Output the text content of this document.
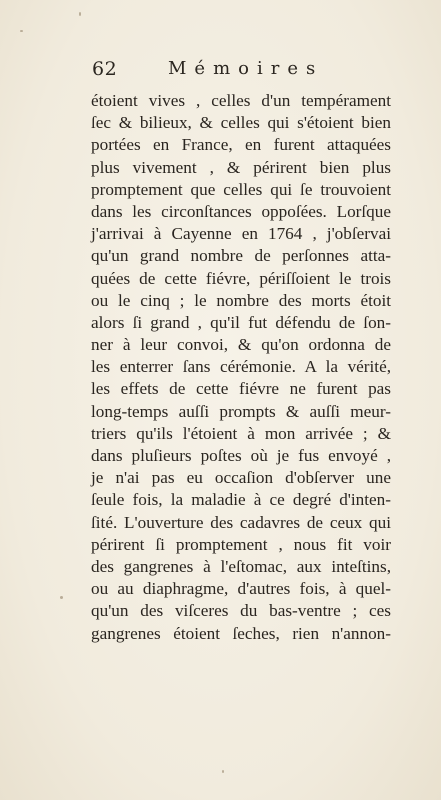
62	Mémoires
étoient vives , celles d'un tempérament
ſec & bilieux, & celles qui s'étoient bien
portées en France, en furent attaquées
plus vivement , & périrent bien plus
promptement que celles qui ſe trouvoient
dans les circonſtances oppoſées. Lorſque
j'arrivai à Cayenne en 1764 , j'obſervai
qu'un grand nombre de perſonnes atta-
quées de cette fiévre, périſſoient le trois
ou le cinq ; le nombre des morts étoit
alors ſi grand , qu'il fut défendu de ſon-
ner à leur convoi, & qu'on ordonna de
les enterrer ſans cérémonie. A la vérité,
les effets de cette fiévre ne furent pas
long-temps auſſi prompts & auſſi meur-
triers qu'ils l'étoient à mon arrivée ; &
dans pluſieurs poſtes où je fus envoyé ,
je n'ai pas eu occaſion d'obſerver une
ſeule fois, la maladie à ce degré d'inten-
ſité. L'ouverture des cadavres de ceux qui
périrent ſi promptement , nous fit voir
des gangrenes à l'eſtomac, aux inteſtins,
ou au diaphragme, d'autres fois, à quel-
qu'un des viſceres du bas-ventre ; ces
gangrenes étoient ſeches, rien n'annon-
